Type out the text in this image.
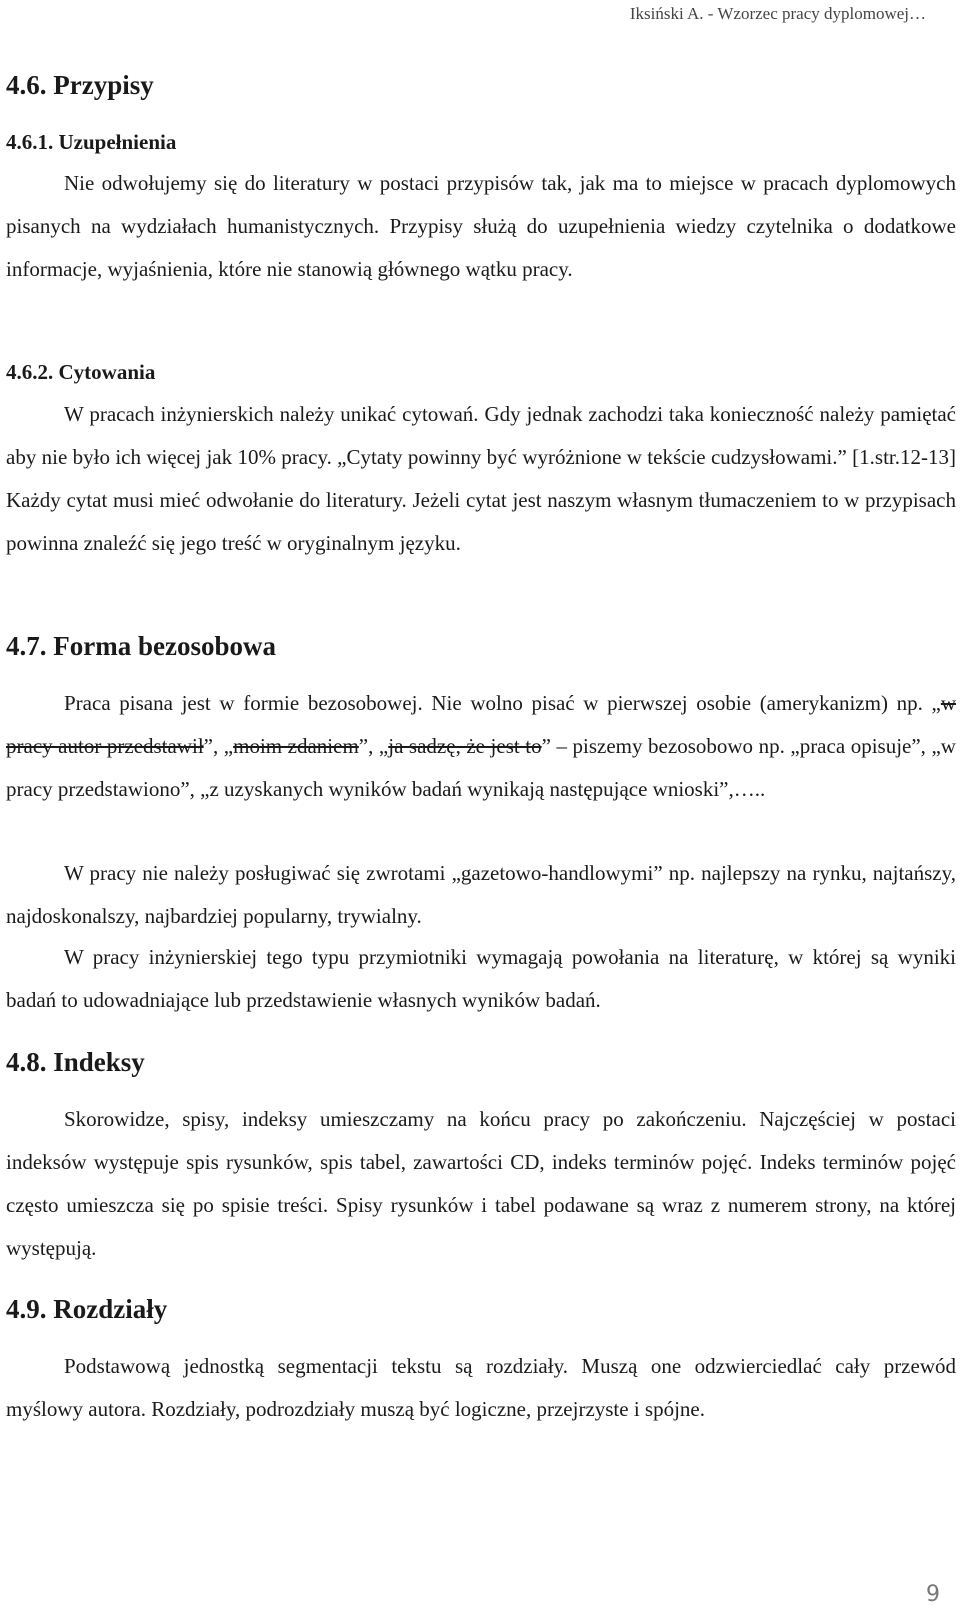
Iksiński A. - Wzorzec pracy dyplomowej…
4.6. Przypisy
4.6.1. Uzupełnienia

Nie odwołujemy się do literatury w postaci przypisów tak, jak ma to miejsce w pracach dyplomowych pisanych na wydziałach humanistycznych. Przypisy służą do uzupełnienia wiedzy czytelnika o dodatkowe informacje, wyjaśnienia, które nie stanowią głównego wątku pracy.

4.6.2. Cytowania

W pracach inżynierskich należy unikać cytowań. Gdy jednak zachodzi taka konieczność należy pamiętać aby nie było ich więcej jak 10% pracy. „Cytaty powinny być wyróżnione w tekście cudzysłowami.” [1.str.12-13] Każdy cytat musi mieć odwołanie do literatury. Jeżeli cytat jest naszym własnym tłumaczeniem to w przypisach powinna znaleźć się jego treść w oryginalnym języku.

4.7. Forma bezosobowa

Praca pisana jest w formie bezosobowej. Nie wolno pisać w pierwszej osobie (amerykanizm) np. „w pracy autor przedstawił”, „moim zdaniem”, „ja sadzę, że jest to” – piszemy bezosobowo np. „praca opisuje”, „w pracy przedstawiono”, „z uzyskanych wyników badań wynikają następujące wnioski”,…..

W pracy nie należy posługiwać się zwrotami „gazetowo-handlowymi” np. najlepszy na rynku, najtańszy, najdoskonalszy, najbardziej popularny, trywialny.

W pracy inżynierskiej tego typu przymiotniki wymagają powołania na literaturę, w której są wyniki badań to udowadniające lub przedstawienie własnych wyników badań.

4.8. Indeksy

Skorowidze, spisy, indeksy umieszczamy na końcu pracy po zakończeniu. Najczęściej w postaci indeksów występuje spis rysunków, spis tabel, zawartości CD, indeks terminów pojęć. Indeks terminów pojęć często umieszcza się po spisie treści. Spisy rysunków i tabel podawane są wraz z numerem strony, na której występują.

4.9. Rozdziały

Podstawową jednostką segmentacji tekstu są rozdziały. Muszą one odzwierciedlać cały przewód myślowy autora. Rozdziały, podrozdziały muszą być logiczne, przejrzyste i spójne.

9
